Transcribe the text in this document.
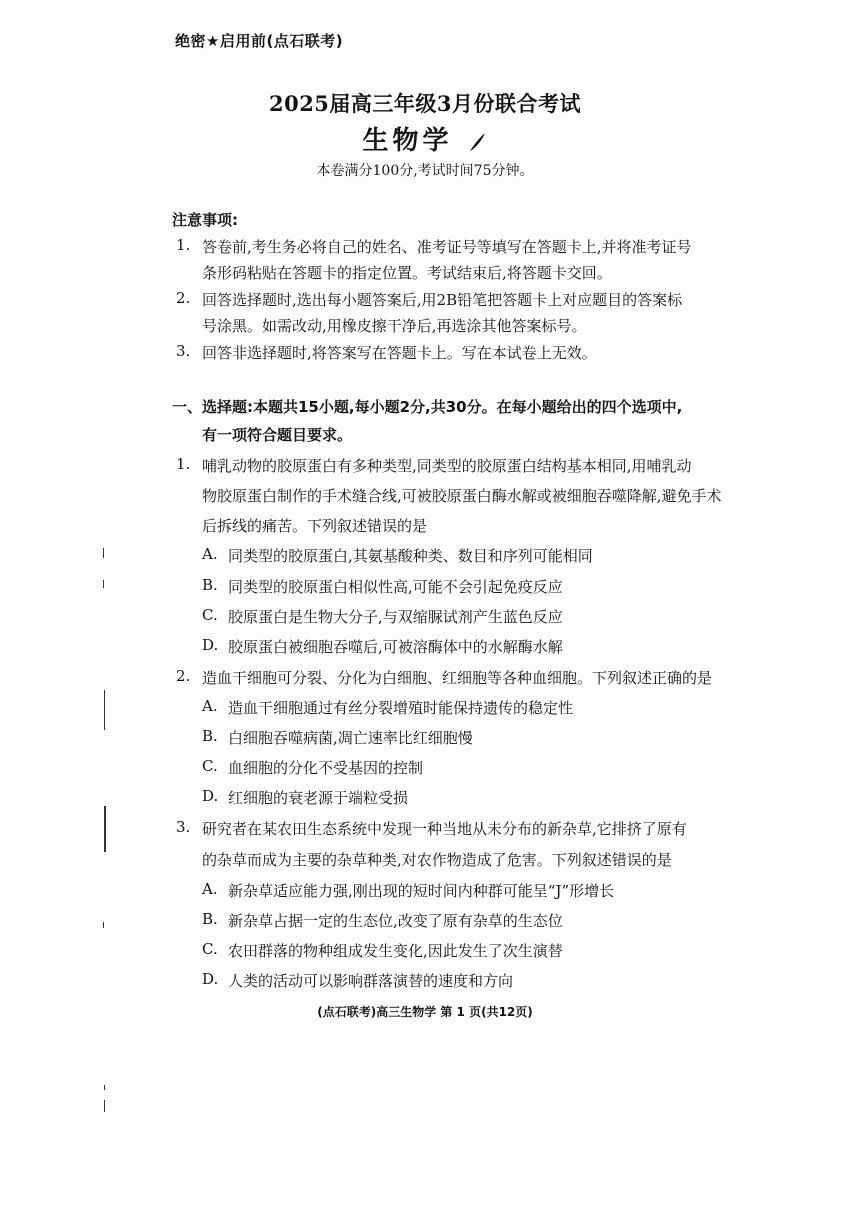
绝密★启用前(点石联考)
2025届高三年级3月份联合考试
生物学
本卷满分100分,考试时间75分钟。
注意事项:
1. 答卷前,考生务必将自己的姓名、准考证号等填写在答题卡上,并将准考证号
条形码粘贴在答题卡的指定位置。考试结束后,将答题卡交回。
2. 回答选择题时,选出每小题答案后,用2B铅笔把答题卡上对应题目的答案标
号涂黑。如需改动,用橡皮擦干净后,再选涂其他答案标号。
3. 回答非选择题时,将答案写在答题卡上。写在本试卷上无效。
一、选择题:本题共15小题,每小题2分,共30分。在每小题给出的四个选项中,
有一项符合题目要求。
1. 哺乳动物的胶原蛋白有多种类型,同类型的胶原蛋白结构基本相同,用哺乳动
物胶原蛋白制作的手术缝合线,可被胶原蛋白酶水解或被细胞吞噬降解,避免手术
后拆线的痛苦。下列叙述错误的是
A. 同类型的胶原蛋白,其氨基酸种类、数目和序列可能相同
B. 同类型的胶原蛋白相似性高,可能不会引起免疫反应
C. 胶原蛋白是生物大分子,与双缩脲试剂产生蓝色反应
D. 胶原蛋白被细胞吞噬后,可被溶酶体中的水解酶水解
2. 造血干细胞可分裂、分化为白细胞、红细胞等各种血细胞。下列叙述正确的是
A. 造血干细胞通过有丝分裂增殖时能保持遗传的稳定性
B. 白细胞吞噬病菌,凋亡速率比红细胞慢
C. 血细胞的分化不受基因的控制
D. 红细胞的衰老源于端粒受损
3. 研究者在某农田生态系统中发现一种当地从未分布的新杂草,它排挤了原有
的杂草而成为主要的杂草种类,对农作物造成了危害。下列叙述错误的是
A. 新杂草适应能力强,刚出现的短时间内种群可能呈“J”形增长
B. 新杂草占据一定的生态位,改变了原有杂草的生态位
C. 农田群落的物种组成发生变化,因此发生了次生演替
D. 人类的活动可以影响群落演替的速度和方向
(点石联考)高三生物学 第 1 页(共12页)
